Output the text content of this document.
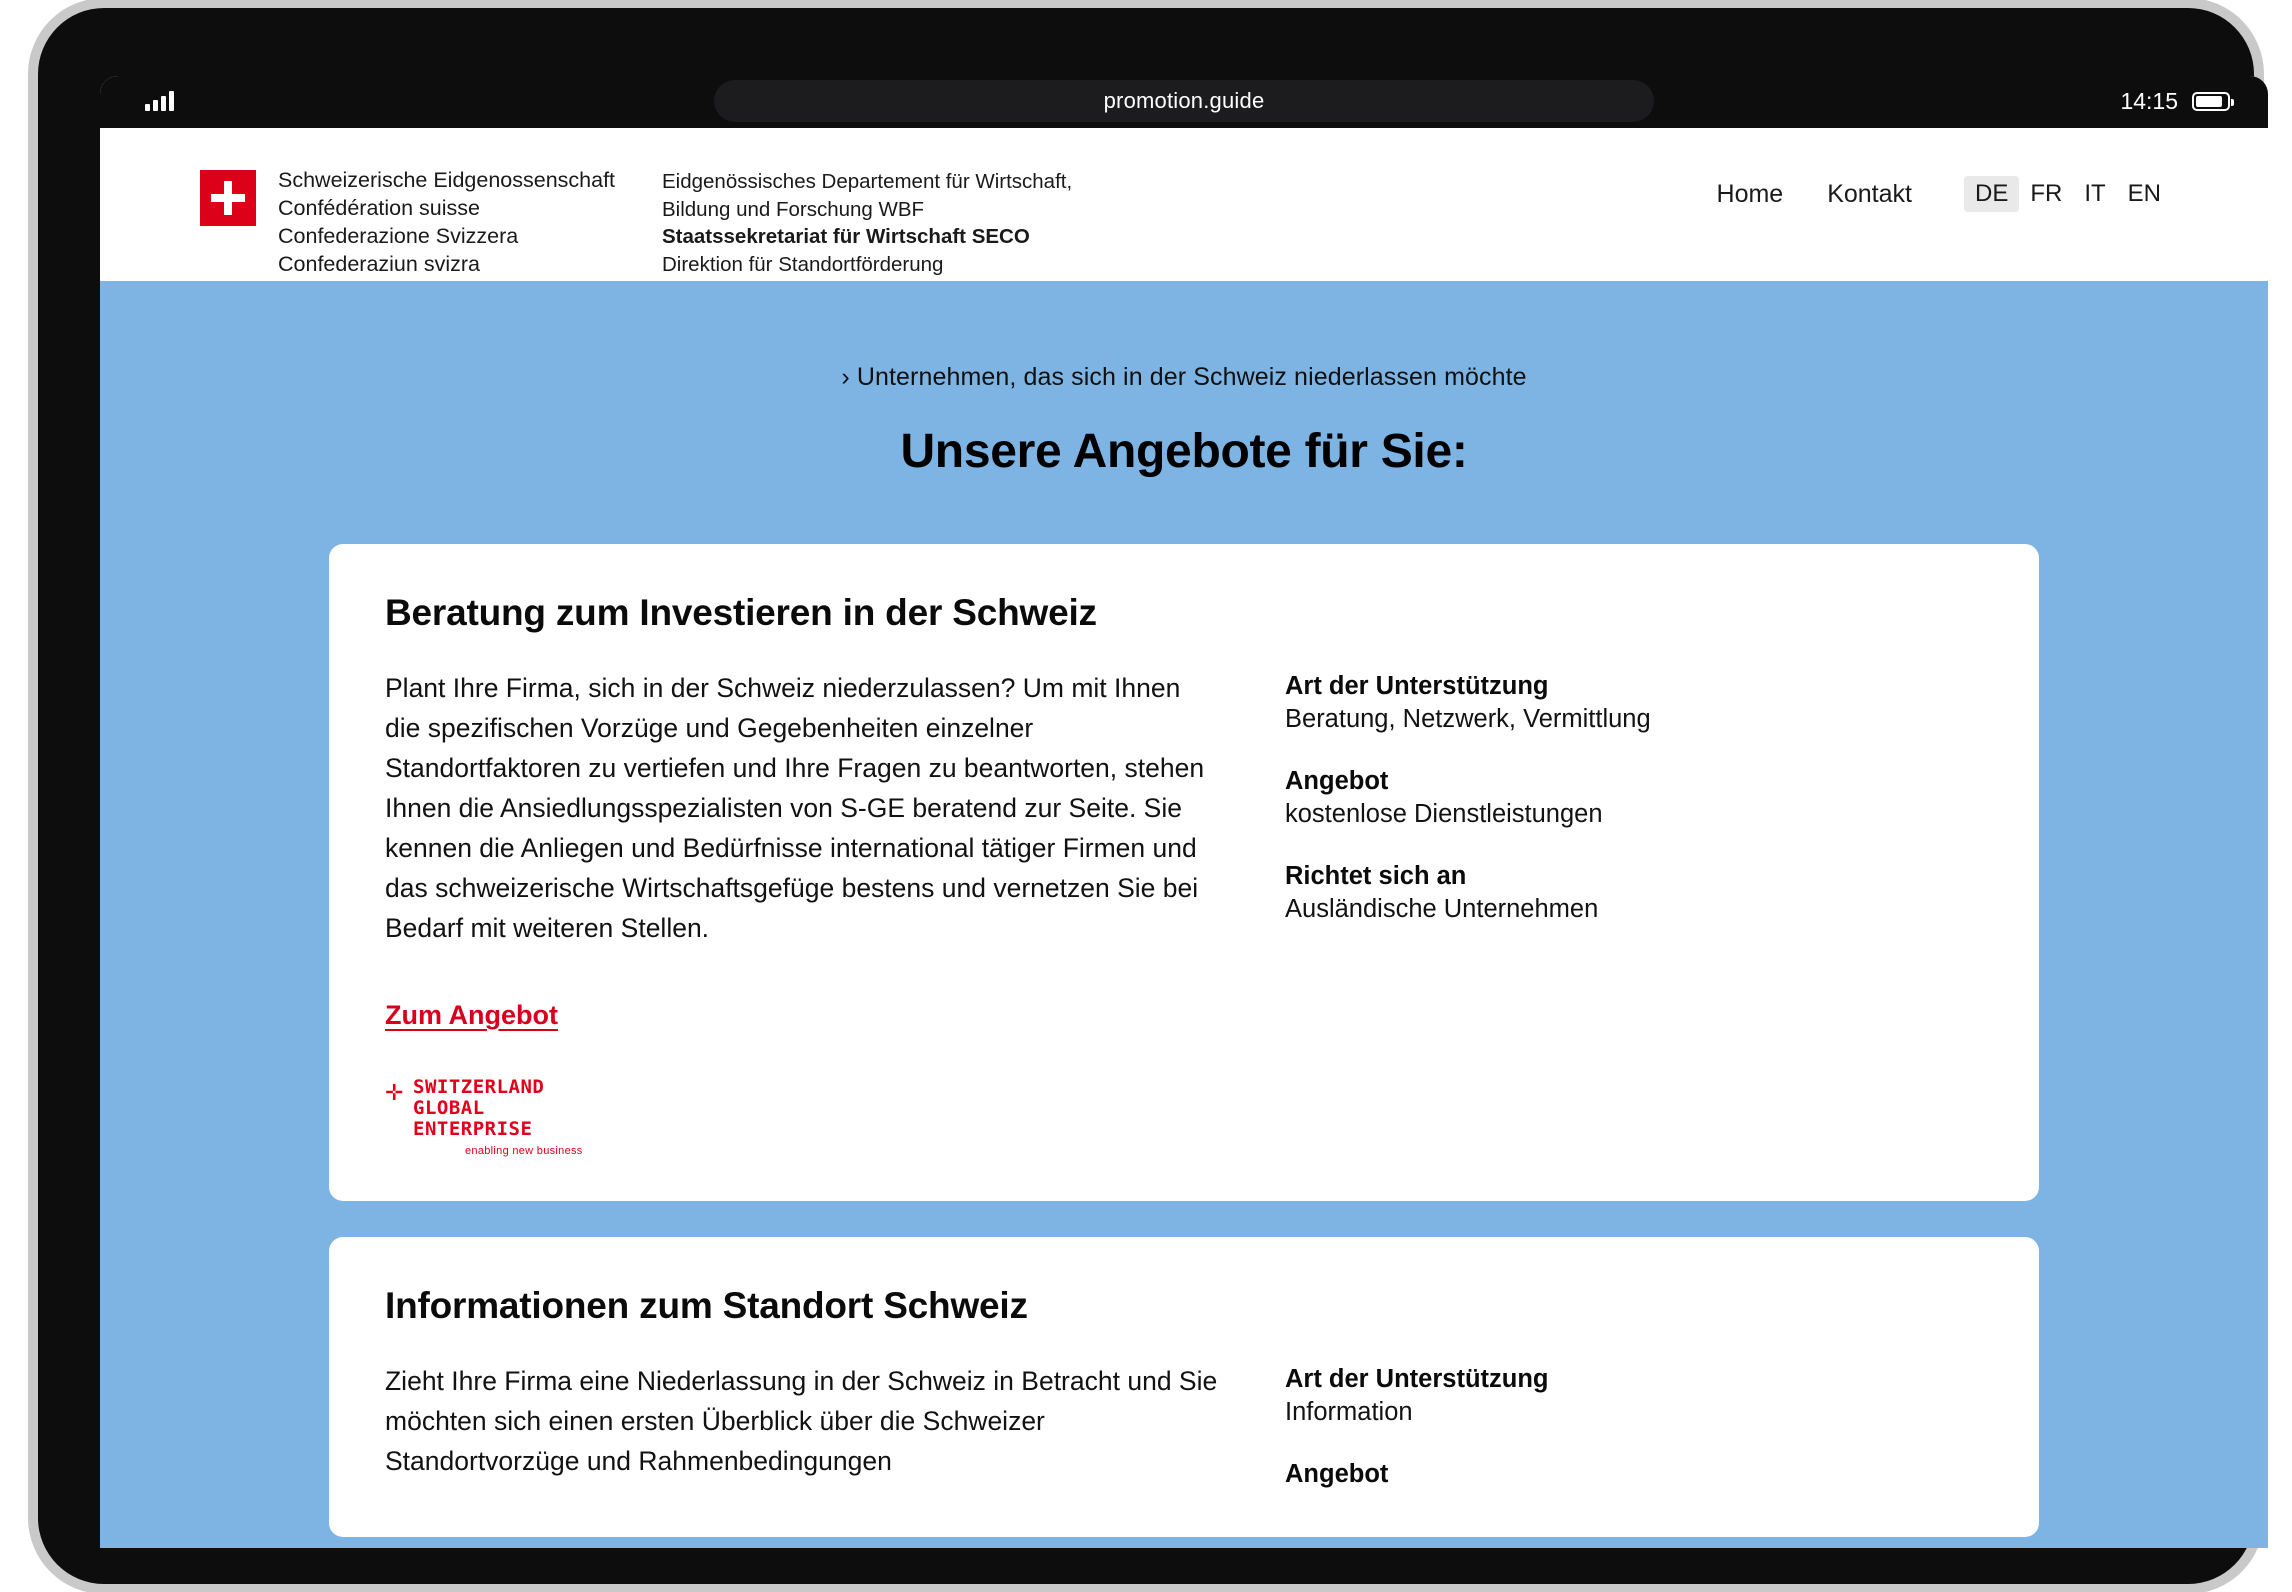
promotion.guide	14:15
Schweizerische Eidgenossenschaft
Confédération suisse
Confederazione Svizzera
Confederaziun svizra
Eidgenössisches Departement für Wirtschaft,
Bildung und Forschung WBF
Staatssekretariat für Wirtschaft SECO
Direktion für Standortförderung
Home Kontakt	DE FR IT EN
› Unternehmen, das sich in der Schweiz niederlassen möchte
Unsere Angebote für Sie:
Beratung zum Investieren in der Schweiz
Plant Ihre Firma, sich in der Schweiz niederzulassen? Um mit Ihnen die spezifischen Vorzüge und Gegebenheiten einzelner Standortfaktoren zu vertiefen und Ihre Fragen zu beantworten, stehen Ihnen die Ansiedlungsspezialisten von S-GE beratend zur Seite. Sie kennen die Anliegen und Bedürfnisse international tätiger Firmen und das schweizerische Wirtschaftsgefüge bestens und vernetzen Sie bei Bedarf mit weiteren Stellen.
Zum Angebot
✛ SWITZERLAND
GLOBAL
ENTERPRISE
enabling new business
Art der Unterstützung
Beratung, Netzwerk, Vermittlung
Angebot
kostenlose Dienstleistungen
Richtet sich an
Ausländische Unternehmen
Informationen zum Standort Schweiz
Zieht Ihre Firma eine Niederlassung in der Schweiz in Betracht und Sie möchten sich einen ersten Überblick über die Schweizer Standortvorzüge und Rahmenbedingungen
Art der Unterstützung
Information
Angebot
